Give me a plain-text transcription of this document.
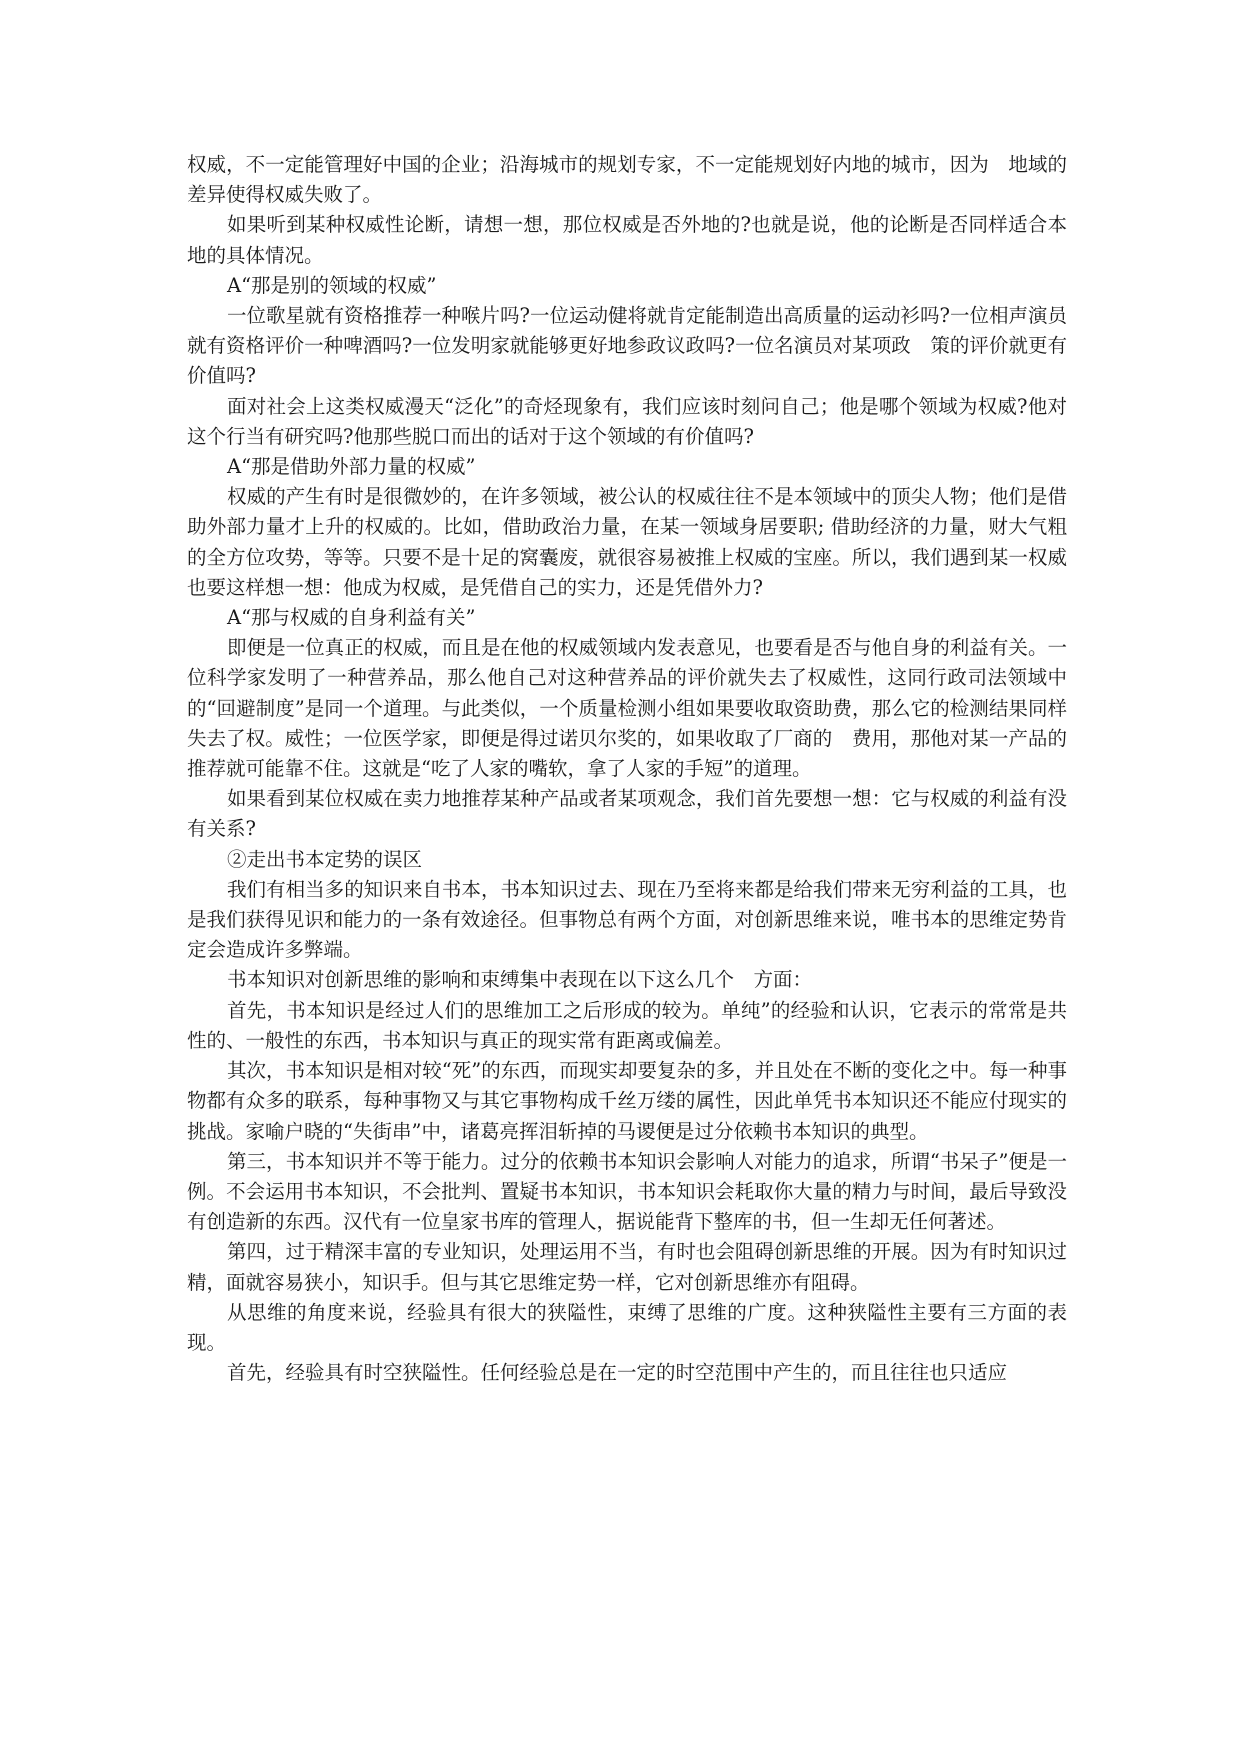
权威，不一定能管理好中国的企业；沿海城市的规划专家，不一定能规划好内地的城市，因为　地域的差异使得权威失败了。

如果听到某种权威性论断，请想一想，那位权威是否外地的?也就是说，他的论断是否同样适合本地的具体情况。

A“那是别的领域的权威”

一位歌星就有资格推荐一种喉片吗?一位运动健将就肯定能制造出高质量的运动衫吗?一位相声演员就有资格评价一种啤酒吗?一位发明家就能够更好地参政议政吗?一位名演员对某项政　策的评价就更有价值吗?

面对社会上这类权威漫天“泛化”的奇烃现象有，我们应该时刻问自己；他是哪个领域为权威?他对这个行当有研究吗?他那些脱口而出的话对于这个领域的有价值吗?

A“那是借助外部力量的权威”

权威的产生有时是很微妙的，在许多领域，被公认的权威往往不是本领域中的顶尖人物；他们是借助外部力量才上升的权威的。比如，借助政治力量，在某一领域身居要职; 借助经济的力量，财大气粗的全方位攻势，等等。只要不是十足的窝囊废，就很容易被推上权威的宝座。所以，我们遇到某一权威也要这样想一想：他成为权威，是凭借自己的实力，还是凭借外力?

A“那与权威的自身利益有关”

即便是一位真正的权威，而且是在他的权威领域内发表意见，也要看是否与他自身的利益有关。一位科学家发明了一种营养品，那么他自己对这种营养品的评价就失去了权威性，这同行政司法领域中的“回避制度”是同一个道理。与此类似，一个质量检测小组如果要收取资助费，那么它的检测结果同样失去了权。威性；一位医学家，即便是得过诺贝尔奖的，如果收取了厂商的　费用，那他对某一产品的推荐就可能靠不住。这就是“吃了人家的嘴软，拿了人家的手短”的道理。

如果看到某位权威在卖力地推荐某种产品或者某项观念，我们首先要想一想：它与权威的利益有没有关系?

②走出书本定势的误区

我们有相当多的知识来自书本，书本知识过去、现在乃至将来都是给我们带来无穷利益的工具，也是我们获得见识和能力的一条有效途径。但事物总有两个方面，对创新思维来说，唯书本的思维定势肯定会造成许多弊端。

书本知识对创新思维的影响和束缚集中表现在以下这么几个　方面：

首先，书本知识是经过人们的思维加工之后形成的较为。单纯”的经验和认识，它表示的常常是共性的、一般性的东西，书本知识与真正的现实常有距离或偏差。

其次，书本知识是相对较“死”的东西，而现实却要复杂的多，并且处在不断的变化之中。每一种事物都有众多的联系，每种事物又与其它事物构成千丝万缕的属性，因此单凭书本知识还不能应付现实的挑战。家喻户晓的“失街串”中，诸葛亮挥泪斩掉的马谡便是过分依赖书本知识的典型。

第三，书本知识并不等于能力。过分的依赖书本知识会影响人对能力的追求，所谓“书呆子”便是一例。不会运用书本知识，不会批判、置疑书本知识，书本知识会耗取你大量的精力与时间，最后导致没有创造新的东西。汉代有一位皇家书库的管理人，据说能背下整库的书，但一生却无任何著述。

第四，过于精深丰富的专业知识，处理运用不当，有时也会阻碍创新思维的开展。因为有时知识过精，面就容易狭小，知识手。但与其它思维定势一样，它对创新思维亦有阻碍。

从思维的角度来说，经验具有很大的狭隘性，束缚了思维的广度。这种狭隘性主要有三方面的表现。

首先，经验具有时空狭隘性。任何经验总是在一定的时空范围中产生的，而且往往也只适应
